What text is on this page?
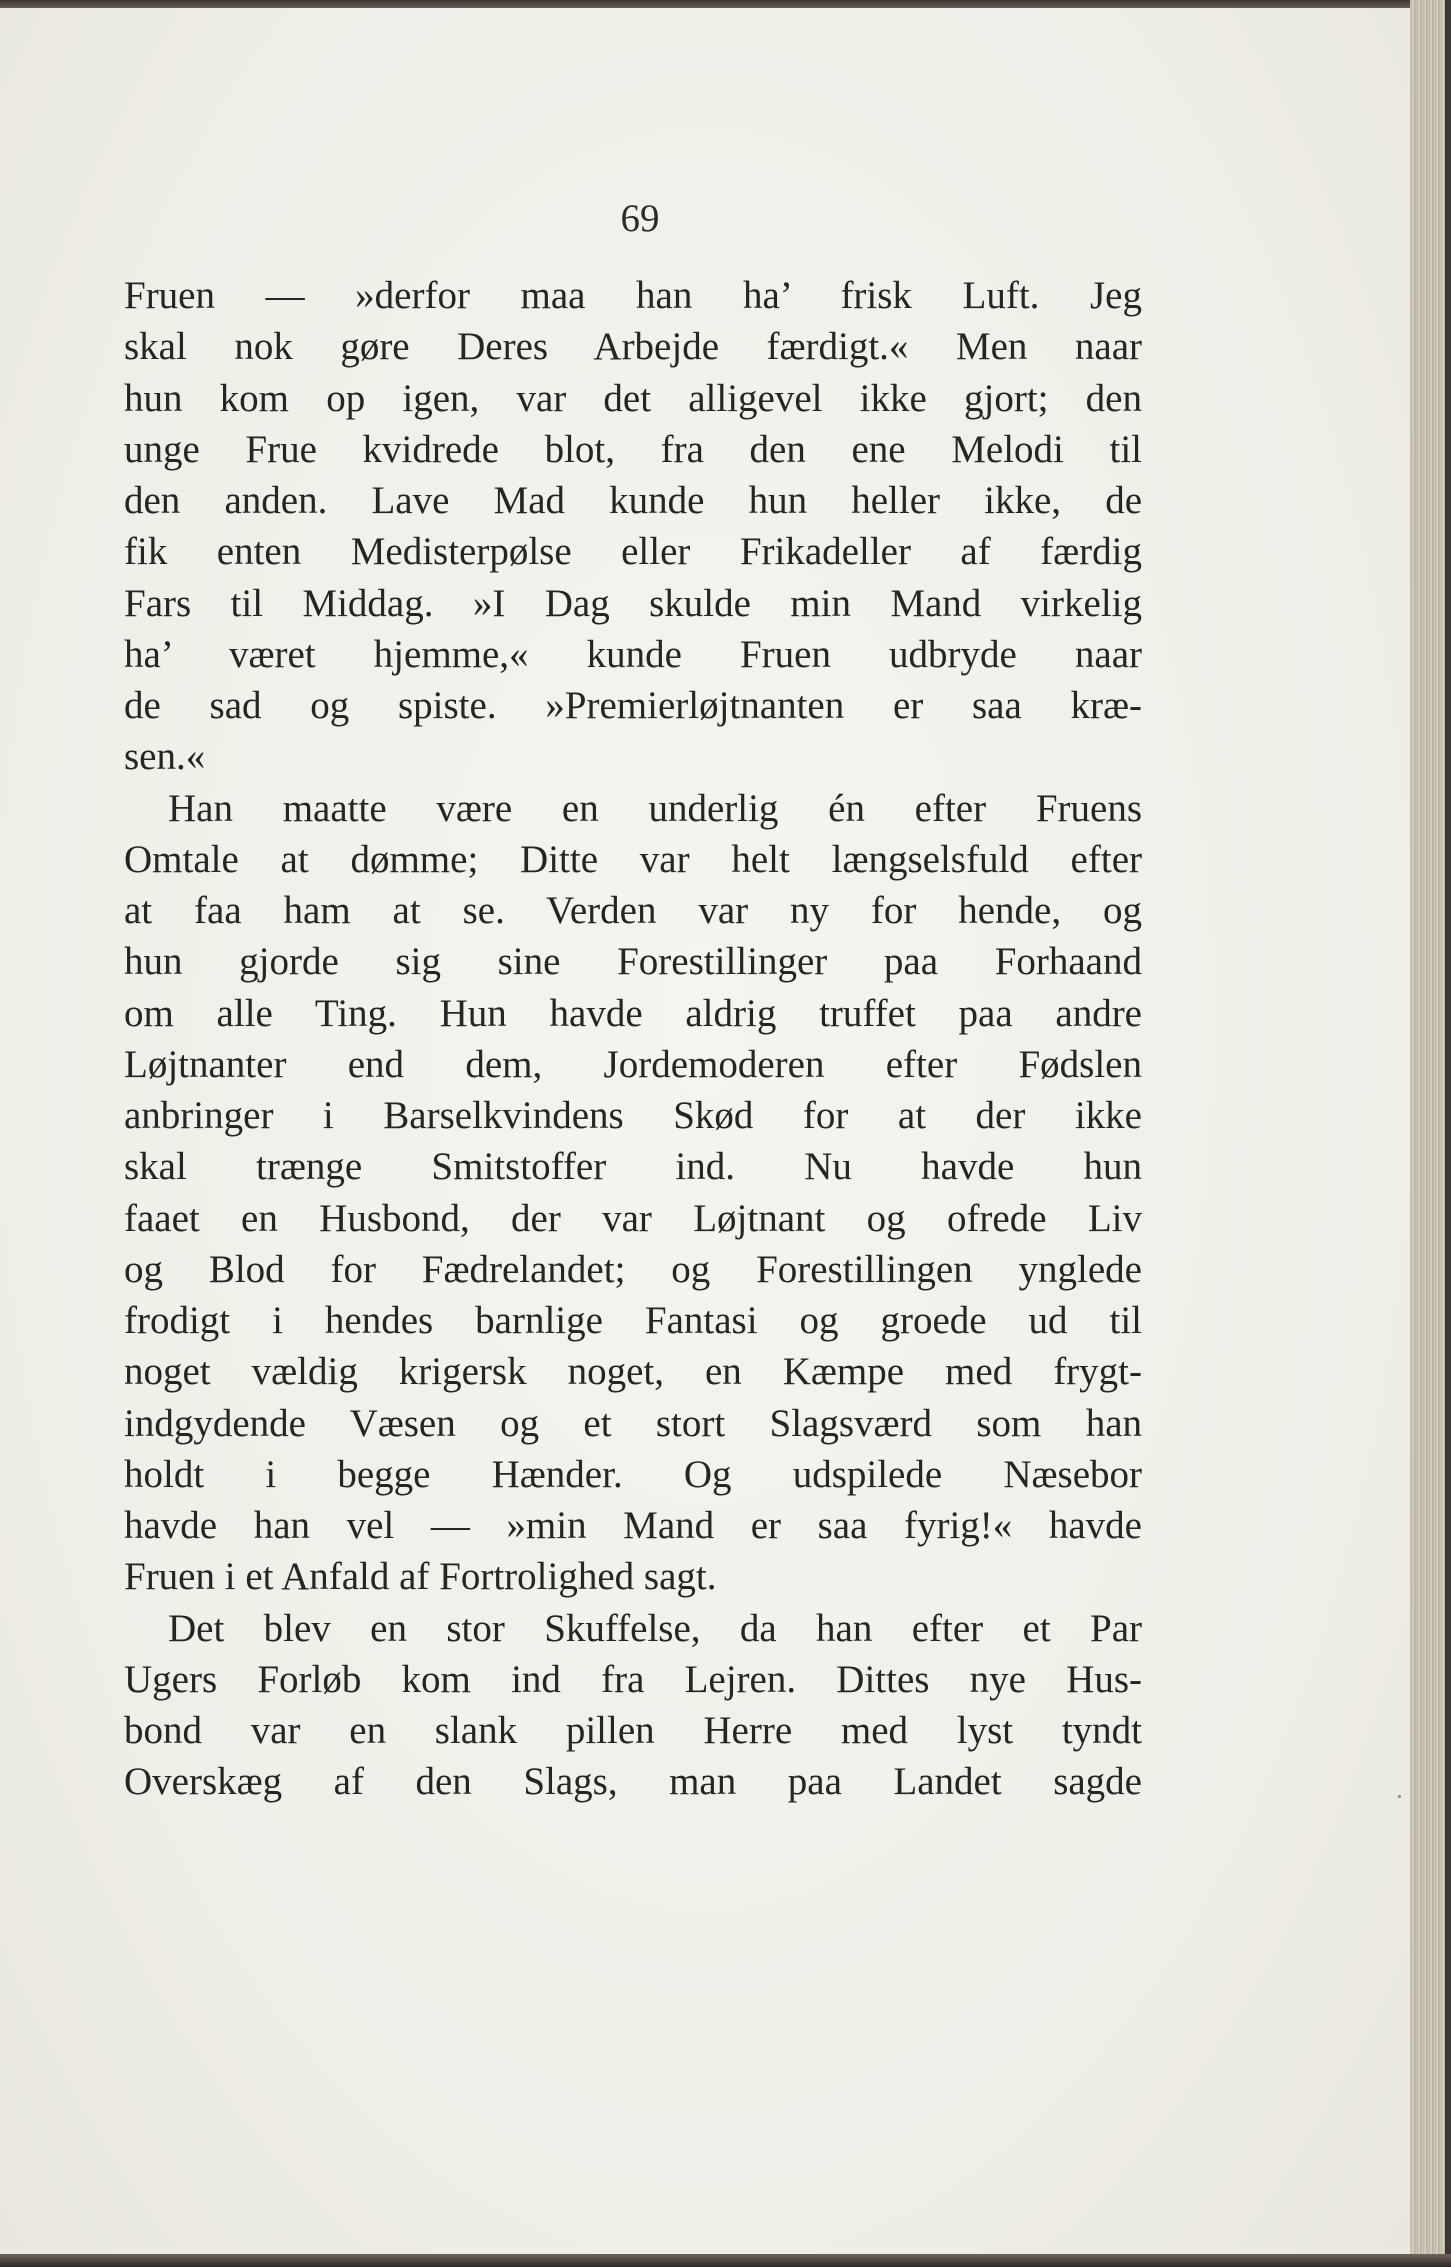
69
Fruen — »derfor maa han ha’ frisk Luft. Jeg
skal nok gøre Deres Arbejde færdigt.« Men naar
hun kom op igen, var det alligevel ikke gjort; den
unge Frue kvidrede blot, fra den ene Melodi til
den anden. Lave Mad kunde hun heller ikke, de
fik enten Medisterpølse eller Frikadeller af færdig
Fars til Middag. »I Dag skulde min Mand virkelig
ha’ været hjemme,« kunde Fruen udbryde naar
de sad og spiste. »Premierløjtnanten er saa kræ-
sen.«
Han maatte være en underlig én efter Fruens
Omtale at dømme; Ditte var helt længselsfuld efter
at faa ham at se. Verden var ny for hende, og
hun gjorde sig sine Forestillinger paa Forhaand
om alle Ting. Hun havde aldrig truffet paa andre
Løjtnanter end dem, Jordemoderen efter Fødslen
anbringer i Barselkvindens Skød for at der ikke
skal trænge Smitstoffer ind. Nu havde hun
faaet en Husbond, der var Løjtnant og ofrede Liv
og Blod for Fædrelandet; og Forestillingen ynglede
frodigt i hendes barnlige Fantasi og groede ud til
noget vældig krigersk noget, en Kæmpe med frygt-
indgydende Væsen og et stort Slagsværd som han
holdt i begge Hænder. Og udspilede Næsebor
havde han vel — »min Mand er saa fyrig!« havde
Fruen i et Anfald af Fortrolighed sagt.
Det blev en stor Skuffelse, da han efter et Par
Ugers Forløb kom ind fra Lejren. Dittes nye Hus-
bond var en slank pillen Herre med lyst tyndt
Overskæg af den Slags, man paa Landet sagde
